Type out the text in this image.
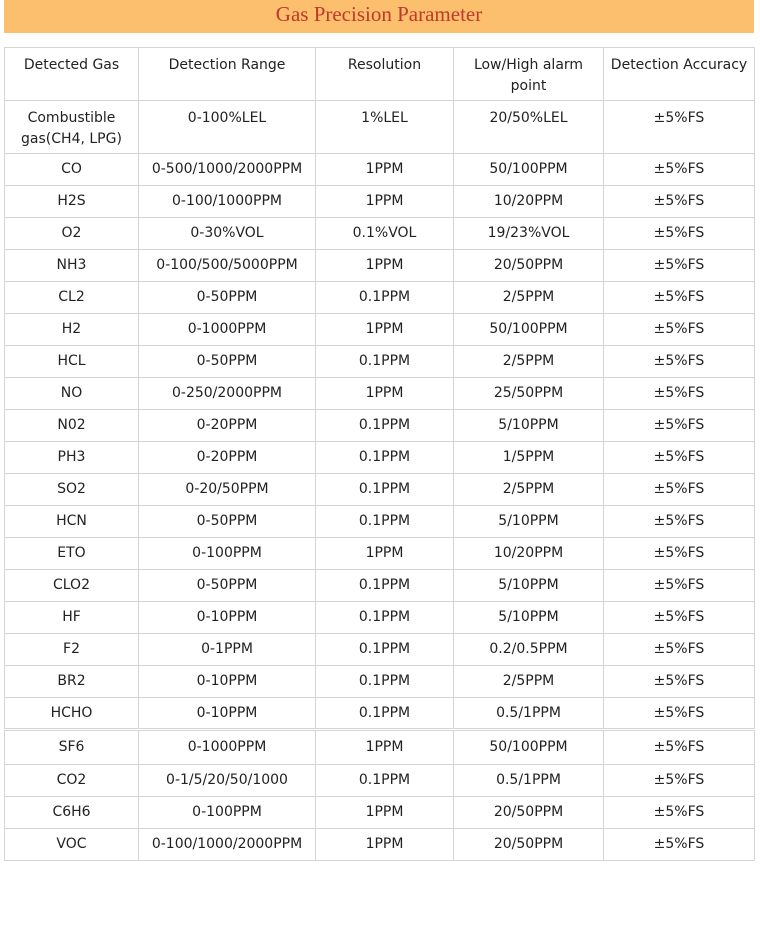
Gas Precision Parameter
Detected Gas	Detection Range	Resolution	Low/High alarm point	Detection Accuracy
Combustible gas(CH4, LPG)	0-100%LEL	1%LEL	20/50%LEL	±5%FS
CO	0-500/1000/2000PPM	1PPM	50/100PPM	±5%FS
H2S	0-100/1000PPM	1PPM	10/20PPM	±5%FS
O2	0-30%VOL	0.1%VOL	19/23%VOL	±5%FS
NH3	0-100/500/5000PPM	1PPM	20/50PPM	±5%FS
CL2	0-50PPM	0.1PPM	2/5PPM	±5%FS
H2	0-1000PPM	1PPM	50/100PPM	±5%FS
HCL	0-50PPM	0.1PPM	2/5PPM	±5%FS
NO	0-250/2000PPM	1PPM	25/50PPM	±5%FS
N02	0-20PPM	0.1PPM	5/10PPM	±5%FS
PH3	0-20PPM	0.1PPM	1/5PPM	±5%FS
SO2	0-20/50PPM	0.1PPM	2/5PPM	±5%FS
HCN	0-50PPM	0.1PPM	5/10PPM	±5%FS
ETO	0-100PPM	1PPM	10/20PPM	±5%FS
CLO2	0-50PPM	0.1PPM	5/10PPM	±5%FS
HF	0-10PPM	0.1PPM	5/10PPM	±5%FS
F2	0-1PPM	0.1PPM	0.2/0.5PPM	±5%FS
BR2	0-10PPM	0.1PPM	2/5PPM	±5%FS
HCHO	0-10PPM	0.1PPM	0.5/1PPM	±5%FS
SF6	0-1000PPM	1PPM	50/100PPM	±5%FS
CO2	0-1/5/20/50/1000	0.1PPM	0.5/1PPM	±5%FS
C6H6	0-100PPM	1PPM	20/50PPM	±5%FS
VOC	0-100/1000/2000PPM	1PPM	20/50PPM	±5%FS
